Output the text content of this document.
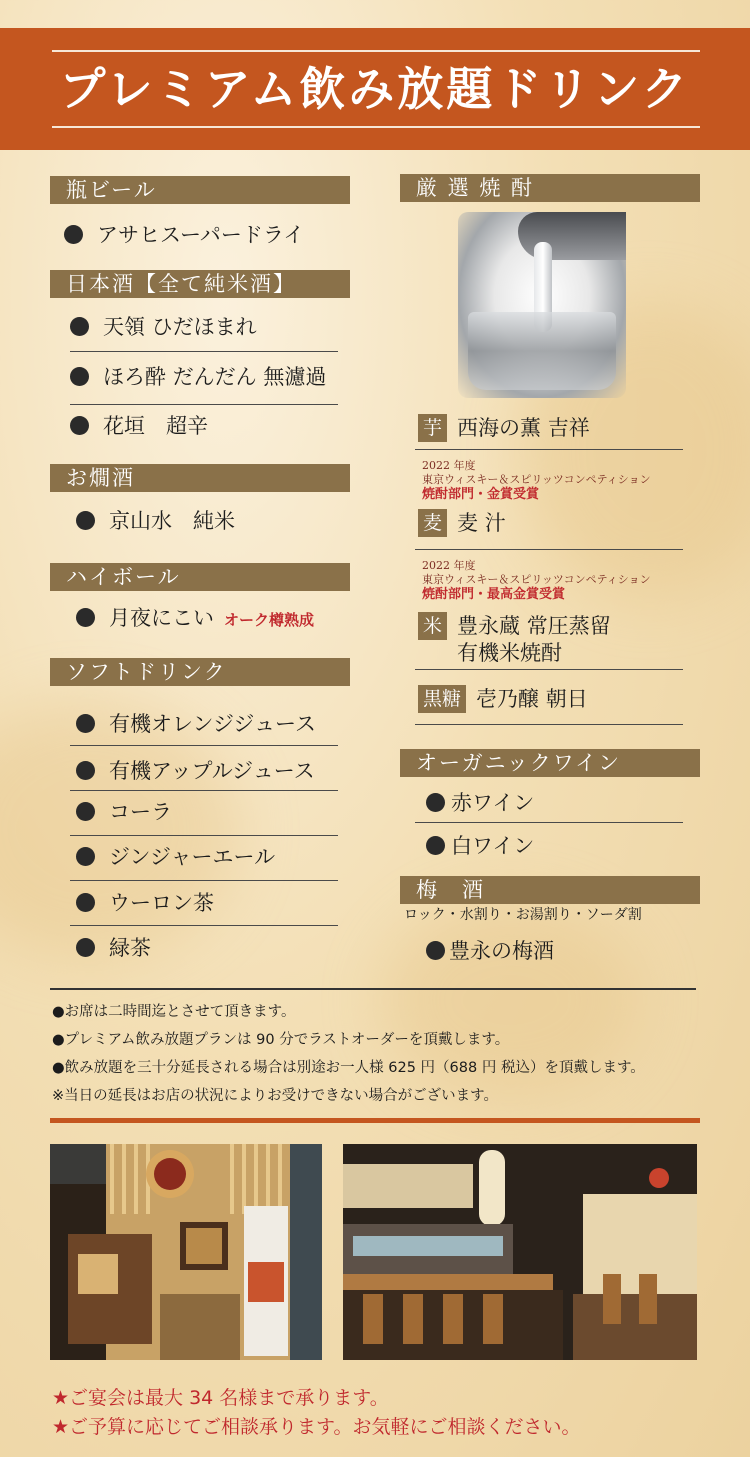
プレミアム飲み放題ドリンク
瓶ビール
アサヒスーパードライ
日本酒【全て純米酒】
天領 ひだほまれ
ほろ酔 だんだん 無濾過
花垣　超辛
お燗酒
京山水　純米
ハイボール
月夜にこい オーク樽熟成
ソフトドリンク
有機オレンジジュース
有機アップルジュース
コーラ
ジンジャーエール
ウーロン茶
緑茶
厳 選 焼 酎
芋 西海の薫 吉祥
2022 年度
東京ウィスキー＆スピリッツコンペティション
焼酎部門・金賞受賞
麦 麦 汁
2022 年度
東京ウィスキー＆スピリッツコンペティション
焼酎部門・最高金賞受賞
米 豊永蔵 常圧蒸留
有機米焼酎
黒糖 壱乃醸 朝日
オーガニックワイン
赤ワイン
白ワイン
梅　酒
ロック・水割り・お湯割り・ソーダ割
豊永の梅酒
●お席は二時間迄とさせて頂きます。
●プレミアム飲み放題プランは 90 分でラストオーダーを頂戴します。
●飲み放題を三十分延長される場合は別途お一人様 625 円（688 円 税込）を頂戴します。
※当日の延長はお店の状況によりお受けできない場合がございます。
★ご宴会は最大 34 名様まで承ります。
★ご予算に応じてご相談承ります。お気軽にご相談ください。
